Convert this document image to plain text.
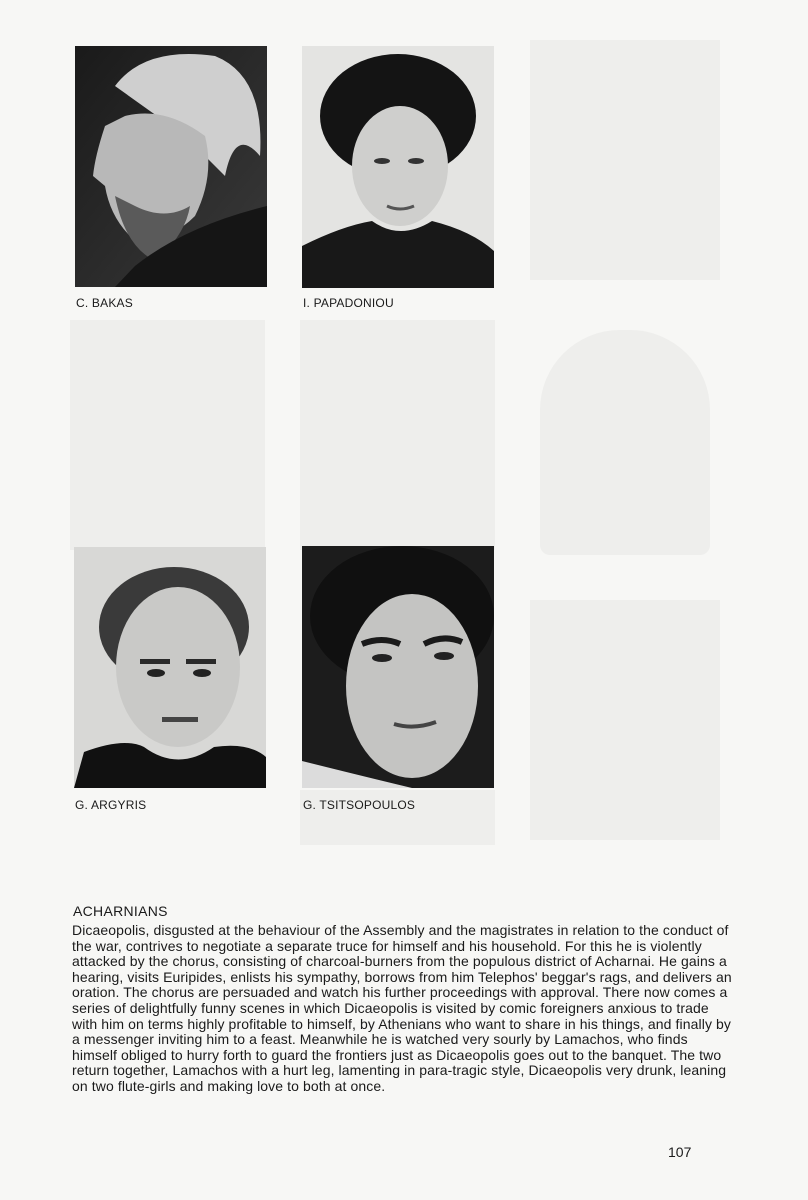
C. BAKAS	I. PAPADONIOU
G. ARGYRIS	G. TSITSOPOULOS
ACHARNIANS

Dicaeopolis, disgusted at the behaviour of the Assembly and the magistrates in relation to the conduct of the war, contrives to negotiate a separate truce for himself and his household. For this he is violently attacked by the chorus, consisting of charcoal-burners from the populous district of Acharnai. He gains a hearing, visits Euripides, enlists his sympathy, borrows from him Telephos' beggar's rags, and delivers an oration. The chorus are persuaded and watch his further proceedings with approval. There now comes a series of delightfully funny scenes in which Dicaeopolis is visited by comic foreigners anxious to trade with him on terms highly profitable to himself, by Athenians who want to share in his things, and finally by a messenger inviting him to a feast. Meanwhile he is watched very sourly by Lamachos, who finds himself obliged to hurry forth to guard the frontiers just as Dicaeopolis goes out to the banquet. The two return together, Lamachos with a hurt leg, lamenting in para-tragic style, Dicaeopolis very drunk, leaning on two flute-girls and making love to both at once.

107
